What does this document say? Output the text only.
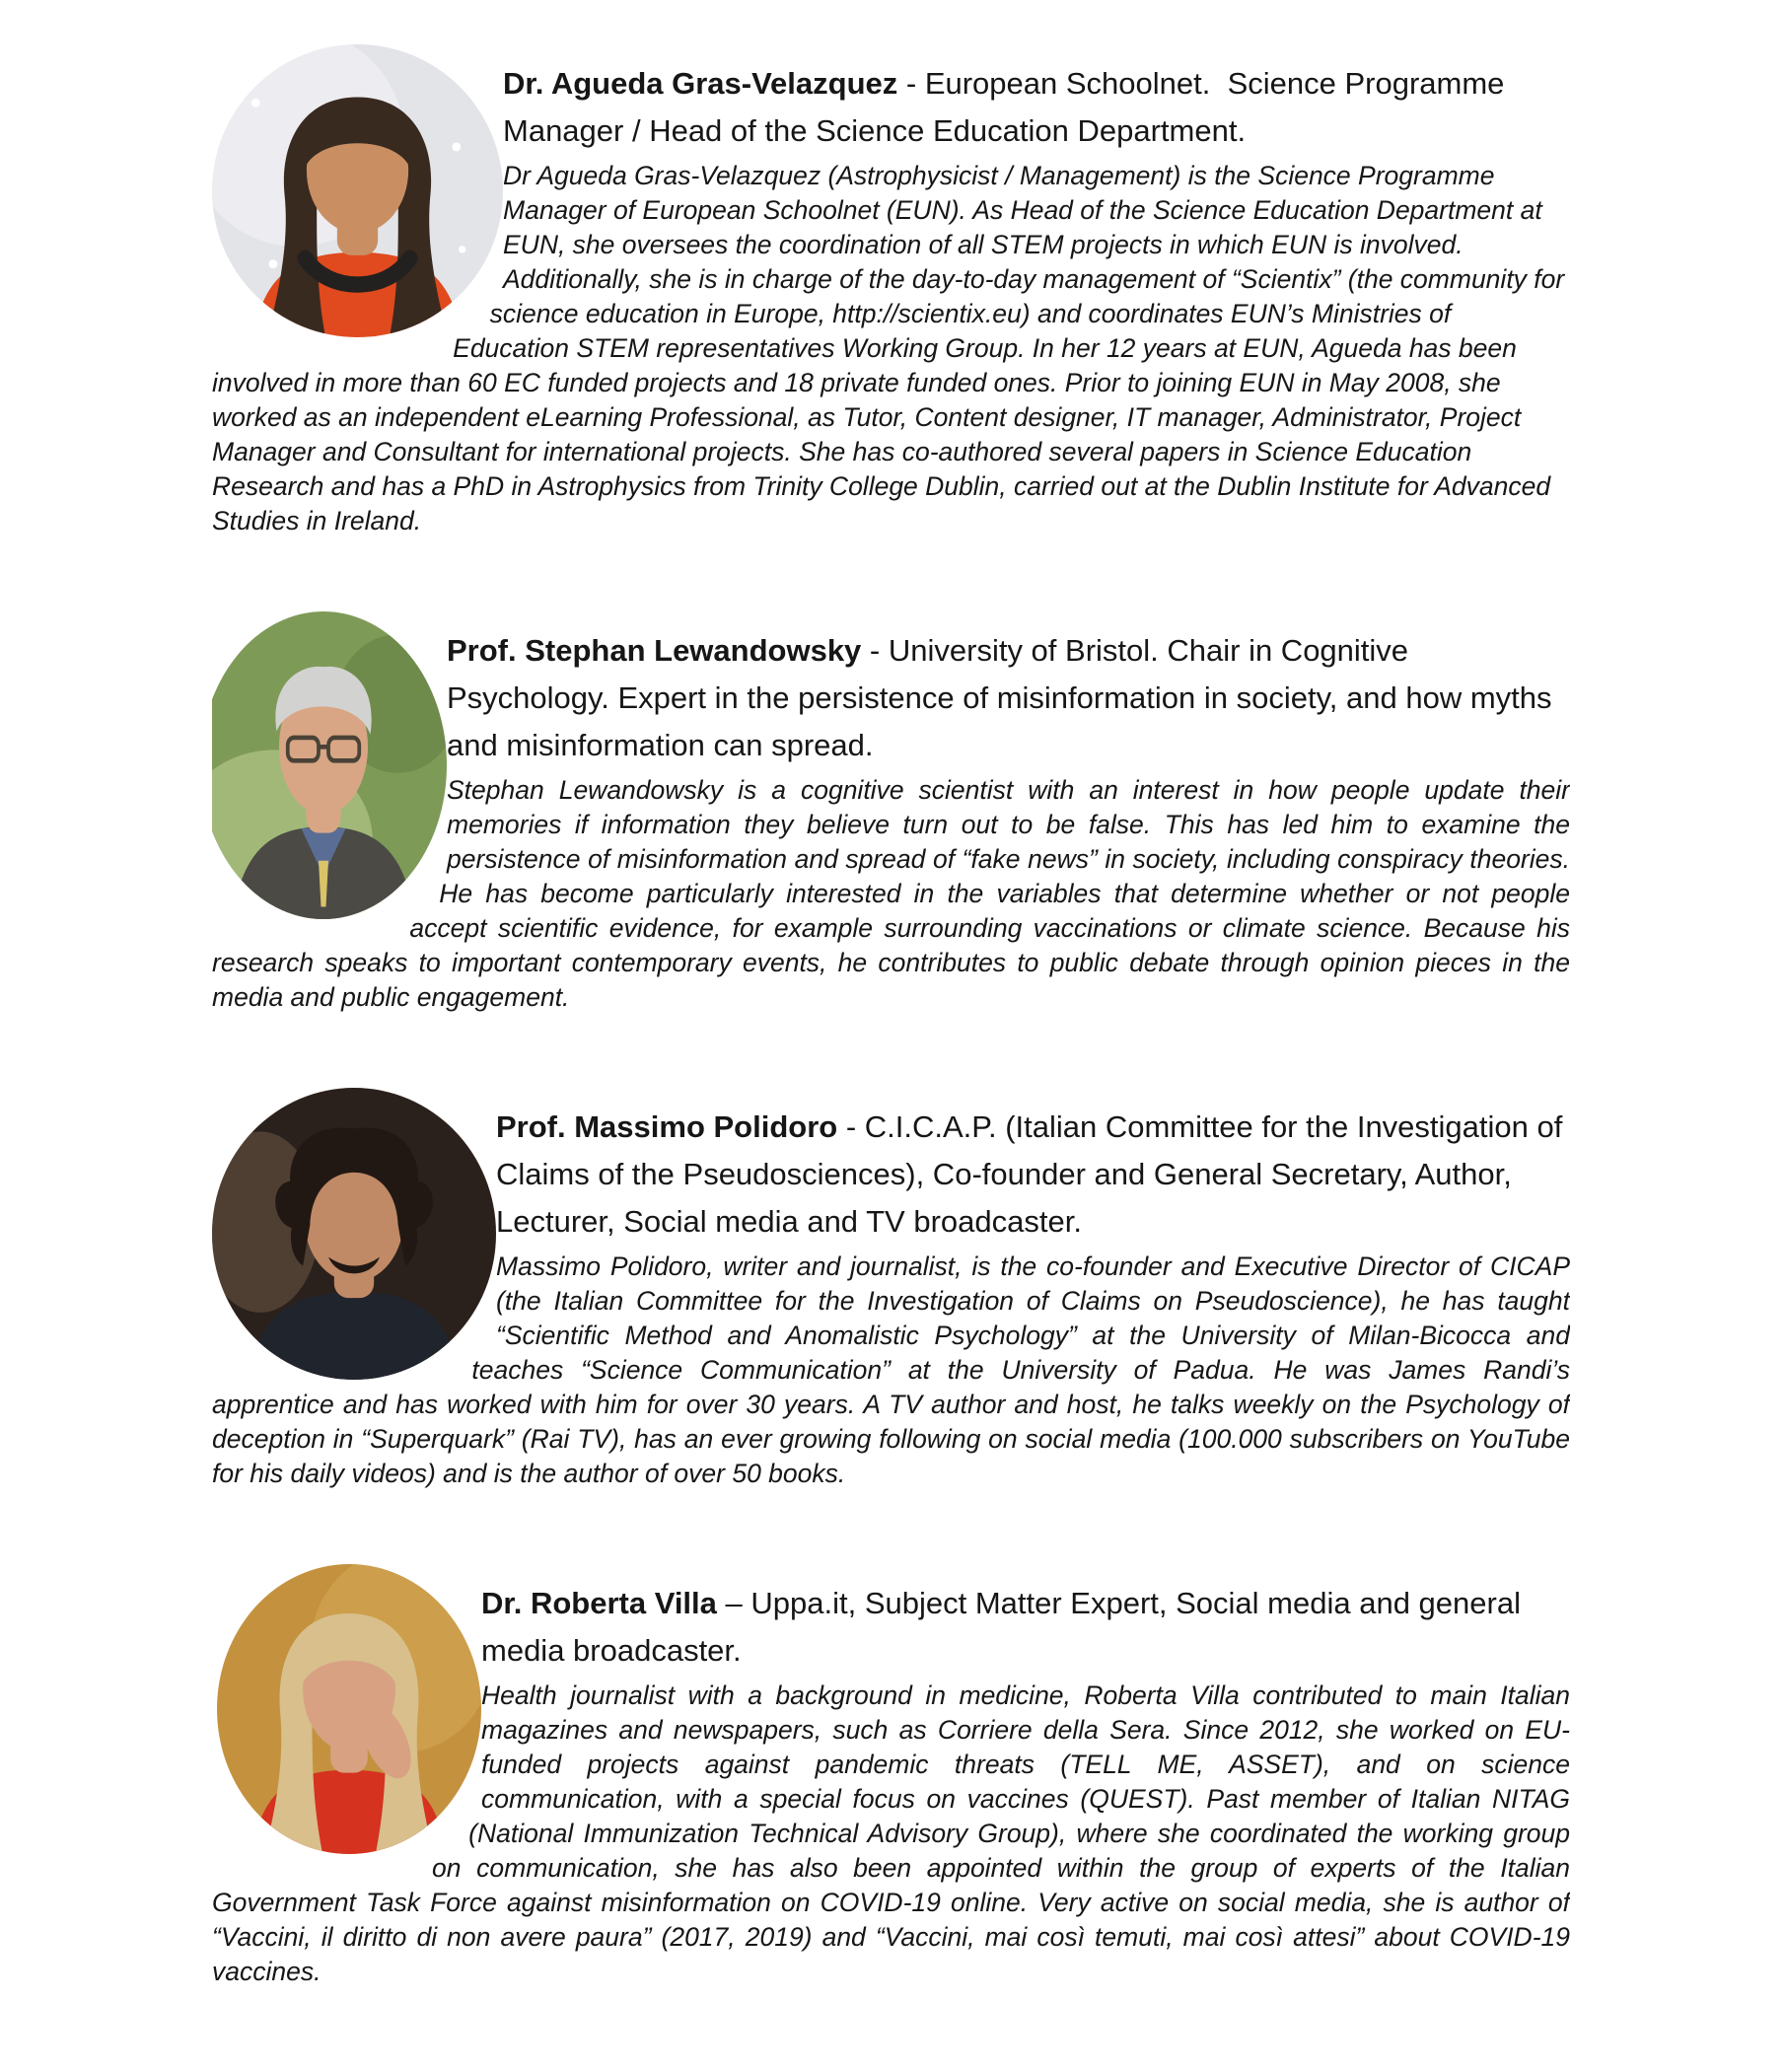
Dr. Agueda Gras-Velazquez - European Schoolnet.  Science Programme Manager / Head of the Science Education Department.

Dr Agueda Gras-Velazquez (Astrophysicist / Management) is the Science Programme Manager of European Schoolnet (EUN). As Head of the Science Education Department at EUN, she oversees the coordination of all STEM projects in which EUN is involved. Additionally, she is in charge of the day-to-day management of “Scientix” (the community for science education in Europe, http://scientix.eu) and coordinates EUN’s Ministries of Education STEM representatives Working Group. In her 12 years at EUN, Agueda has been involved in more than 60 EC funded projects and 18 private funded ones. Prior to joining EUN in May 2008, she worked as an independent eLearning Professional, as Tutor, Content designer, IT manager, Administrator, Project Manager and Consultant for international projects. She has co-authored several papers in Science Education Research and has a PhD in Astrophysics from Trinity College Dublin, carried out at the Dublin Institute for Advanced Studies in Ireland.

Prof. Stephan Lewandowsky - University of Bristol. Chair in Cognitive Psychology. Expert in the persistence of misinformation in society, and how myths and misinformation can spread.

Stephan Lewandowsky is a cognitive scientist with an interest in how people update their memories if information they believe turn out to be false. This has led him to examine the persistence of misinformation and spread of “fake news” in society, including conspiracy theories. He has become particularly interested in the variables that determine whether or not people accept scientific evidence, for example surrounding vaccinations or climate science. Because his research speaks to important contemporary events, he contributes to public debate through opinion pieces in the media and public engagement.

Prof. Massimo Polidoro - C.I.C.A.P. (Italian Committee for the Investigation of Claims of the Pseudosciences), Co-founder and General Secretary, Author, Lecturer, Social media and TV broadcaster.

Massimo Polidoro, writer and journalist, is the co-founder and Executive Director of CICAP (the Italian Committee for the Investigation of Claims on Pseudoscience), he has taught “Scientific Method and Anomalistic Psychology” at the University of Milan-Bicocca and teaches “Science Communication” at the University of Padua. He was James Randi’s apprentice and has worked with him for over 30 years. A TV author and host, he talks weekly on the Psychology of deception in “Superquark” (Rai TV), has an ever growing following on social media (100.000 subscribers on YouTube for his daily videos) and is the author of over 50 books.

Dr. Roberta Villa – Uppa.it, Subject Matter Expert, Social media and general media broadcaster.

Health journalist with a background in medicine, Roberta Villa contributed to main Italian magazines and newspapers, such as Corriere della Sera. Since 2012, she worked on EU-funded projects against pandemic threats (TELL ME, ASSET), and on science communication, with a special focus on vaccines (QUEST). Past member of Italian NITAG (National Immunization Technical Advisory Group), where she coordinated the working group on communication, she has also been appointed within the group of experts of the Italian Government Task Force against misinformation on COVID-19 online. Very active on social media, she is author of “Vaccini, il diritto di non avere paura” (2017, 2019) and “Vaccini, mai così temuti, mai così attesi” about COVID-19 vaccines.
